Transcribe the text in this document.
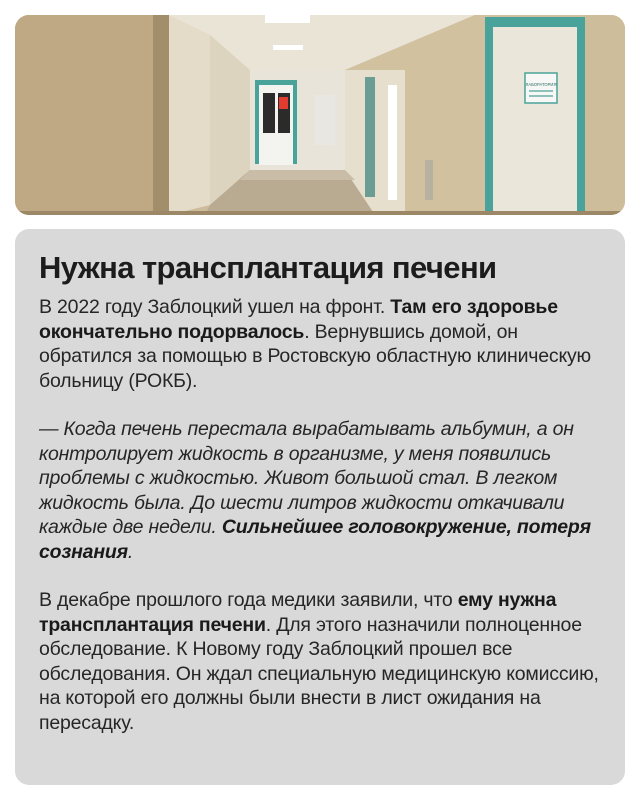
ЛАБОРАТОРИЯ
Нужна трансплантация печени

В 2022 году Заблоцкий ушел на фронт. Там его здоровье окончательно подорвалось. Вернувшись домой, он обратился за помощью в Ростовскую областную клиническую больницу (РОКБ).

— Когда печень перестала вырабатывать альбумин, а он контролирует жидкость в организме, у меня появились проблемы с жидкостью. Живот большой стал. В легком жидкость была. До шести литров жидкости откачивали каждые две недели. Сильнейшее головокружение, потеря сознания.

В декабре прошлого года медики заявили, что ему нужна трансплантация печени. Для этого назначили полноценное обследование. К Новому году Заблоцкий прошел все обследования. Он ждал специальную медицинскую комиссию, на которой его должны были внести в лист ожидания на пересадку.
